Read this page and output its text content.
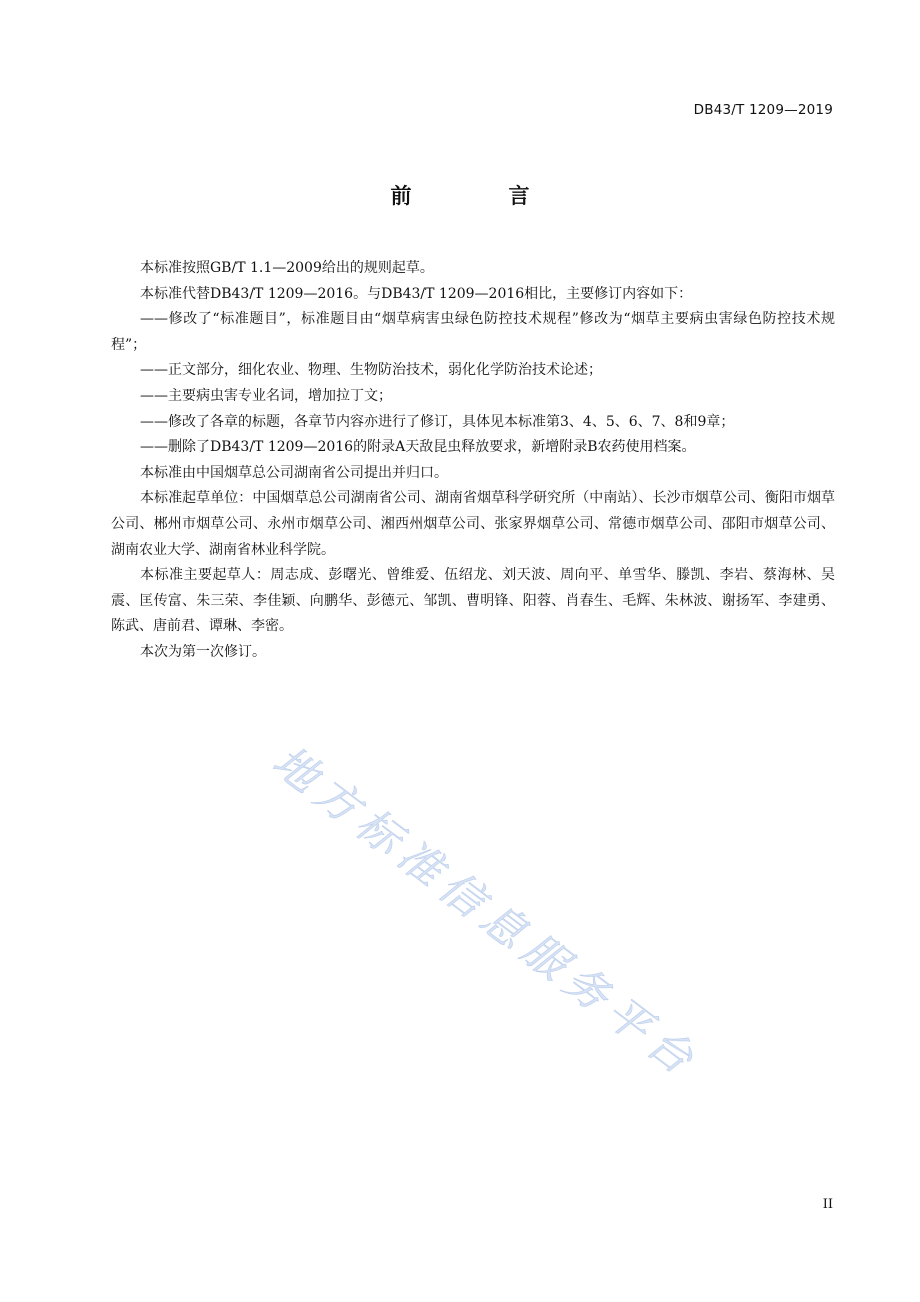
DB43/T 1209—2019
前　言

本标准按照GB/T 1.1—2009给出的规则起草。

本标准代替DB43/T 1209—2016。与DB43/T 1209—2016相比，主要修订内容如下：

——修改了“标准题目”，标准题目由“烟草病害虫绿色防控技术规程”修改为“烟草主要病虫害绿色防控技术规程”；

——正文部分，细化农业、物理、生物防治技术，弱化化学防治技术论述；

——主要病虫害专业名词，增加拉丁文；

——修改了各章的标题，各章节内容亦进行了修订，具体见本标准第3、4、5、6、7、8和9章；

——删除了DB43/T 1209—2016的附录A天敌昆虫释放要求，新增附录B农药使用档案。

本标准由中国烟草总公司湖南省公司提出并归口。

本标准起草单位：中国烟草总公司湖南省公司、湖南省烟草科学研究所（中南站）、长沙市烟草公司、衡阳市烟草公司、郴州市烟草公司、永州市烟草公司、湘西州烟草公司、张家界烟草公司、常德市烟草公司、邵阳市烟草公司、湖南农业大学、湖南省林业科学院。

本标准主要起草人：周志成、彭曙光、曾维爱、伍绍龙、刘天波、周向平、单雪华、滕凯、李岩、蔡海林、吴震、匡传富、朱三荣、李佳颖、向鹏华、彭德元、邹凯、曹明锋、阳蓉、肖春生、毛辉、朱林波、谢扬军、李建勇、陈武、唐前君、谭琳、李密。

本次为第一次修订。

地方标准信息服务平台
II
